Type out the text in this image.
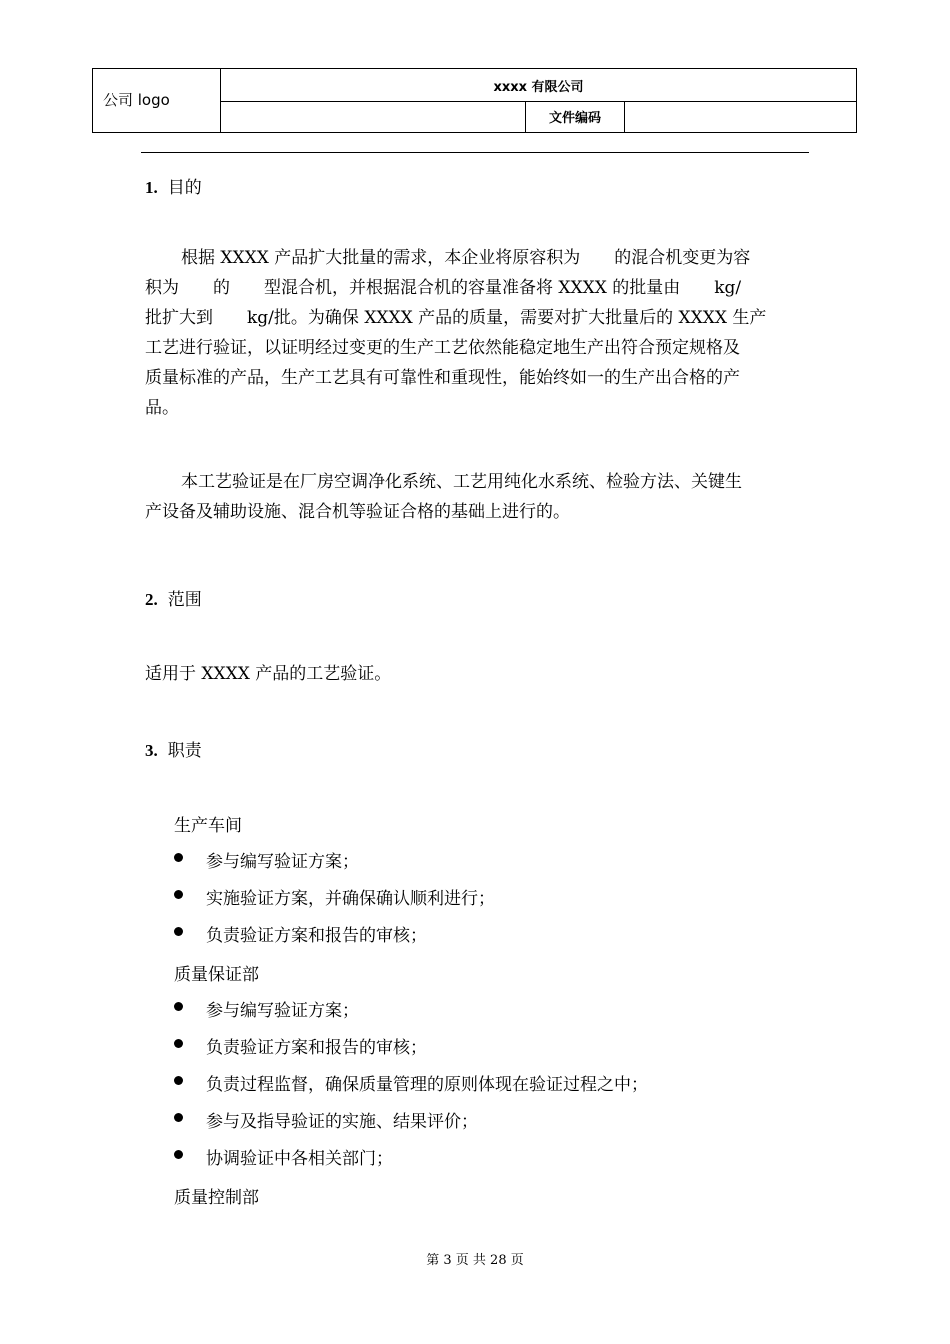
公司 logo
xxxx 有限公司
文件编码
1. 目的
根据 XXXX 产品扩大批量的需求，本企业将原容积为　　的混合机变更为容
积为　　的　　型混合机，并根据混合机的容量准备将 XXXX 的批量由　　kg/
批扩大到　　kg/批。为确保 XXXX 产品的质量，需要对扩大批量后的 XXXX 生产
工艺进行验证，以证明经过变更的生产工艺依然能稳定地生产出符合预定规格及
质量标准的产品，生产工艺具有可靠性和重现性，能始终如一的生产出合格的产
品。
本工艺验证是在厂房空调净化系统、工艺用纯化水系统、检验方法、关键生
产设备及辅助设施、混合机等验证合格的基础上进行的。
2. 范围
适用于 XXXX 产品的工艺验证。
3. 职责
生产车间
参与编写验证方案；
实施验证方案，并确保确认顺利进行；
负责验证方案和报告的审核；
质量保证部
参与编写验证方案；
负责验证方案和报告的审核；
负责过程监督，确保质量管理的原则体现在验证过程之中；
参与及指导验证的实施、结果评价；
协调验证中各相关部门；
质量控制部
第 3 页 共 28 页
